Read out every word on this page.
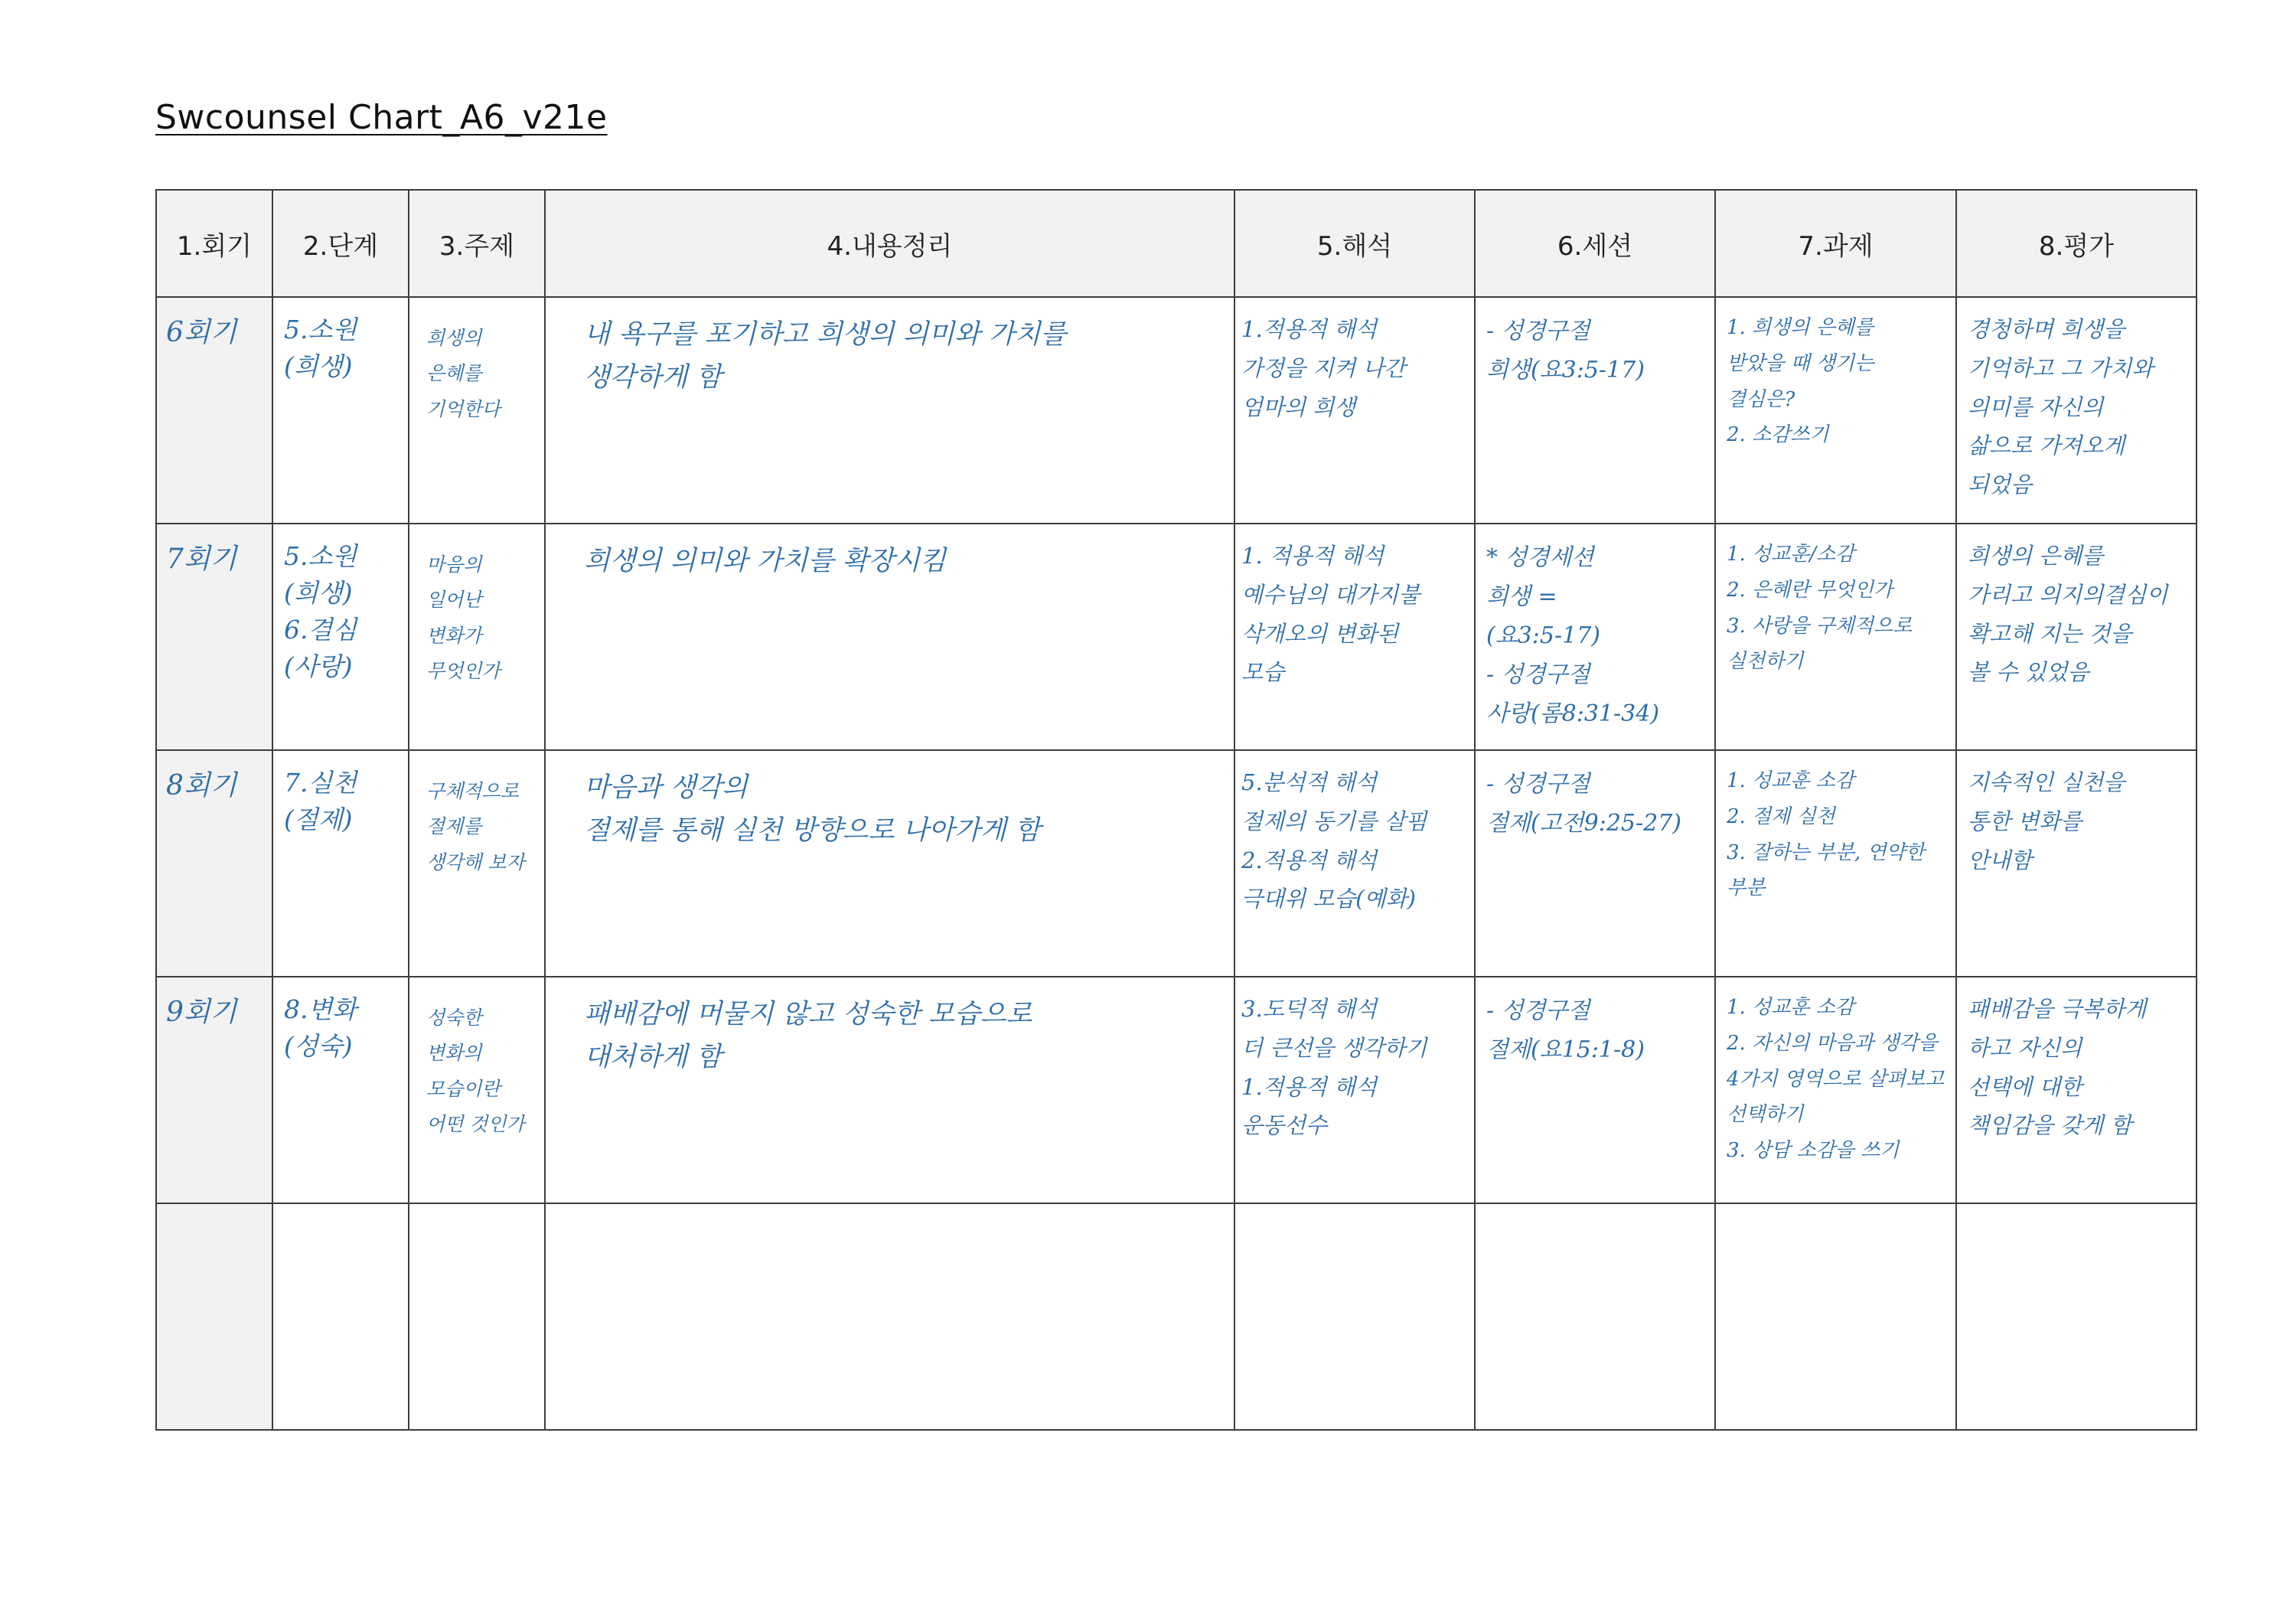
Swcounsel Chart_A6_v21e
1.회기	2.단계	3.주제	4.내용정리	5.해석	6.세션	7.과제	8.평가

6회기	5.소원
(희생)	희생의
은혜를
기억한다	내 욕구를 포기하고 희생의 의미와 가치를
생각하게 함	1.적용적 해석
가정을 지켜 나간
엄마의 희생	- 성경구절
희생(요3:5-17)	1. 희생의 은혜를
받았을 때 생기는
결심은?
2. 소감쓰기	경청하며 희생을
기억하고 그 가치와
의미를 자신의
삶으로 가져오게
되었음

7회기	5.소원
(희생)
6.결심
(사랑)	마음의
일어난
변화가
무엇인가	희생의 의미와 가치를 확장시킴	1. 적용적 해석
예수님의 대가지불
삭개오의 변화된
모습	* 성경세션
희생 =
(요3:5-17)
- 성경구절
사랑(롬8:31-34)	1. 성교훈/소감
2. 은혜란 무엇인가
3. 사랑을 구체적으로
실천하기	희생의 은혜를
가리고 의지의결심이
확고해 지는 것을
볼 수 있었음

8회기	7.실천
(절제)	구체적으로
절제를
생각해 보자	마음과 생각의
절제를 통해 실천 방향으로 나아가게 함	5.분석적 해석
절제의 동기를 살핌
2.적용적 해석
극대위 모습(예화)	- 성경구절
절제(고전9:25-27)	1. 성교훈 소감
2. 절제 실천
3. 잘하는 부분, 연약한 부분	지속적인 실천을
통한 변화를
안내함

9회기	8.변화
(성숙)	성숙한
변화의
모습이란
어떤 것인가	패배감에 머물지 않고 성숙한 모습으로
대처하게 함	3.도덕적 해석
더 큰선을 생각하기
1.적용적 해석
운동선수	- 성경구절
절제(요15:1-8)	1. 성교훈 소감
2. 자신의 마음과 생각을
4가지 영역으로 살펴보고
선택하기
3. 상담 소감을 쓰기	패배감을 극복하게
하고 자신의
선택에 대한
책임감을 갖게 함
